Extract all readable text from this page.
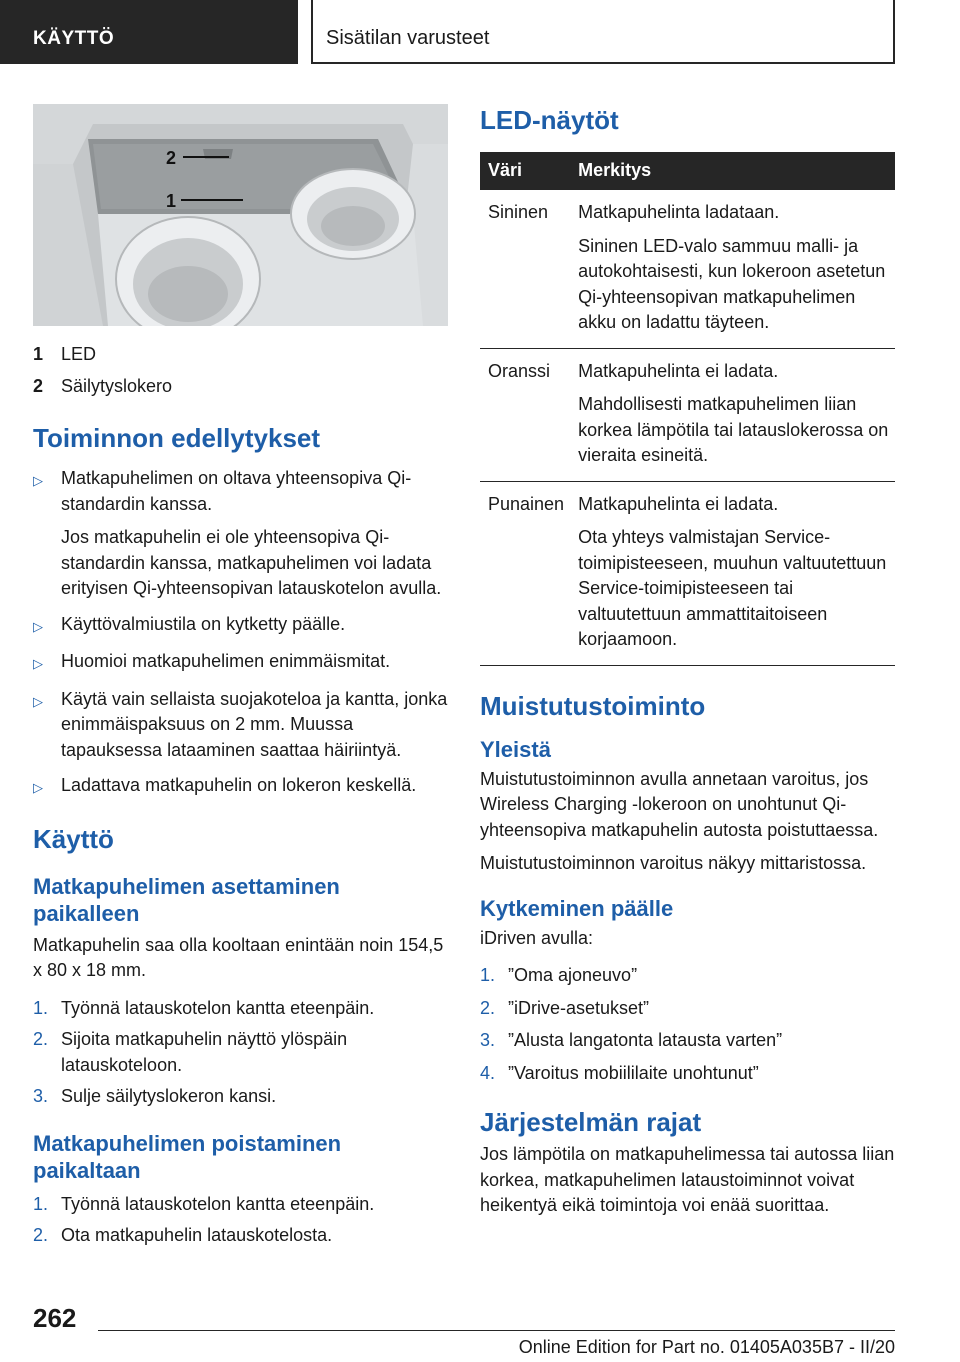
KÄYTTÖ	Sisätilan varusteet
2
1
1 LED
2 Säilytyslokero
Toiminnon edellytykset
▷	Matkapuhelimen on oltava yhteensopiva Qi-standardin kanssa.

Jos matkapuhelin ei ole yhteensopiva Qi-standardin kanssa, matkapuhelimen voi ladata erityisen Qi-yhteensopivan latauskotelon avulla.

▷	Käyttövalmiustila on kytketty päälle.

▷	Huomioi matkapuhelimen enimmäismitat.

▷	Käytä vain sellaista suojakoteloa ja kantta, jonka enimmäispaksuus on 2 mm. Muussa tapauksessa lataaminen saattaa häiriintyä.

▷	Ladattava matkapuhelin on lokeron keskellä.

Käyttö
Matkapuhelimen asettaminen paikalleen

Matkapuhelin saa olla kooltaan enintään noin 154,5 x 80 x 18 mm.

1. Työnnä latauskotelon kantta eteenpäin.
2. Sijoita matkapuhelin näyttö ylöspäin latauskoteloon.
3. Sulje säilytyslokeron kansi.
Matkapuhelimen poistaminen paikaltaan
1. Työnnä latauskotelon kantta eteenpäin.
2. Ota matkapuhelin latauskotelosta.
LED-näytöt
Väri	Merkitys
Sininen	Matkapuhelinta ladataan.

Sininen LED-valo sammuu malli- ja autokohtaisesti, kun lokeroon asetetun Qi-yhteensopivan matkapuhelimen akku on ladattu täyteen.

Oranssi	Matkapuhelinta ei ladata.

Mahdollisesti matkapuhelimen liian korkea lämpötila tai latauslokerossa on vieraita esineitä.

Punainen	Matkapuhelinta ei ladata.

Ota yhteys valmistajan Service-toimipisteeseen, muuhun valtuutettuun Service-toimipisteeseen tai valtuutettuun ammattitaitoiseen korjaamoon.

Muistutustoiminto
Yleistä

Muistutustoiminnon avulla annetaan varoitus, jos Wireless Charging -lokeroon on unohtunut Qi-yhteensopiva matkapuhelin autosta poistuttaessa.

Muistutustoiminnon varoitus näkyy mittaristossa.

Kytkeminen päälle

iDriven avulla:

1. ”Oma ajoneuvo”
2. ”iDrive-asetukset”
3. ”Alusta langatonta latausta varten”
4. ”Varoitus mobiililaite unohtunut”
Järjestelmän rajat

Jos lämpötila on matkapuhelimessa tai autossa liian korkea, matkapuhelimen lataustoiminnot voivat heikentyä eikä toimintoja voi enää suorittaa.

262
Online Edition for Part no. 01405A035B7 - II/20
